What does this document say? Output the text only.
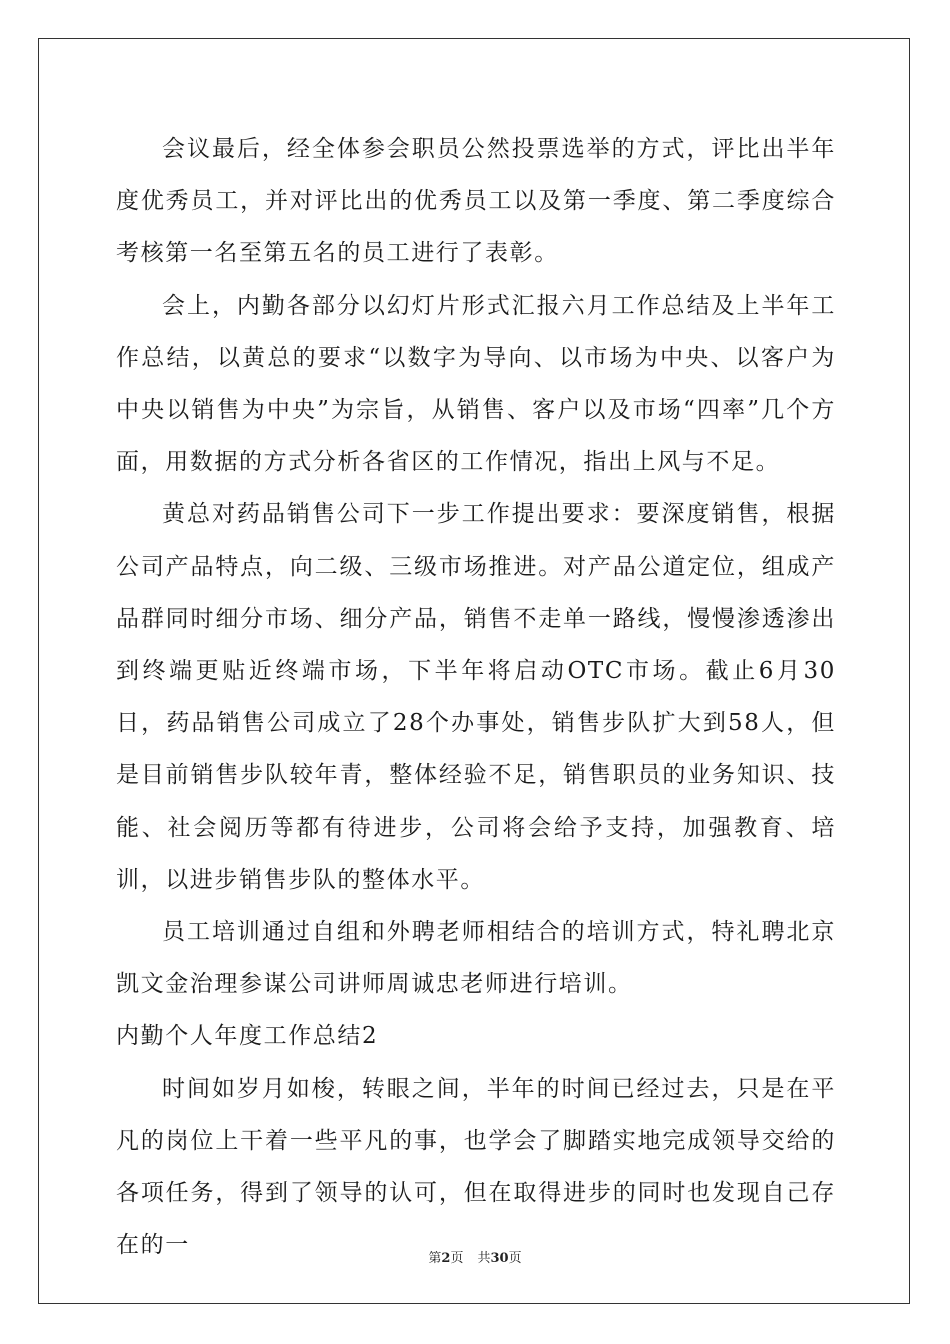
会议最后，经全体参会职员公然投票选举的方式，评比出半年度优秀员工，并对评比出的优秀员工以及第一季度、第二季度综合考核第一名至第五名的员工进行了表彰。

会上，内勤各部分以幻灯片形式汇报六月工作总结及上半年工作总结，以黄总的要求“以数字为导向、以市场为中央、以客户为中央以销售为中央”为宗旨，从销售、客户以及市场“四率”几个方面，用数据的方式分析各省区的工作情况，指出上风与不足。

黄总对药品销售公司下一步工作提出要求：要深度销售，根据公司产品特点，向二级、三级市场推进。对产品公道定位，组成产品群同时细分市场、细分产品，销售不走单一路线，慢慢渗透渗出到终端更贴近终端市场，下半年将启动OTC市场。截止6月30日，药品销售公司成立了28个办事处，销售步队扩大到58人，但是目前销售步队较年青，整体经验不足，销售职员的业务知识、技能、社会阅历等都有待进步，公司将会给予支持，加强教育、培训，以进步销售步队的整体水平。

员工培训通过自组和外聘老师相结合的培训方式，特礼聘北京凯文金治理参谋公司讲师周诚忠老师进行培训。

内勤个人年度工作总结2

时间如岁月如梭，转眼之间，半年的时间已经过去，只是在平凡的岗位上干着一些平凡的事，也学会了脚踏实地完成领导交给的各项任务，得到了领导的认可，但在取得进步的同时也发现自己存在的一

第2页 共30页
